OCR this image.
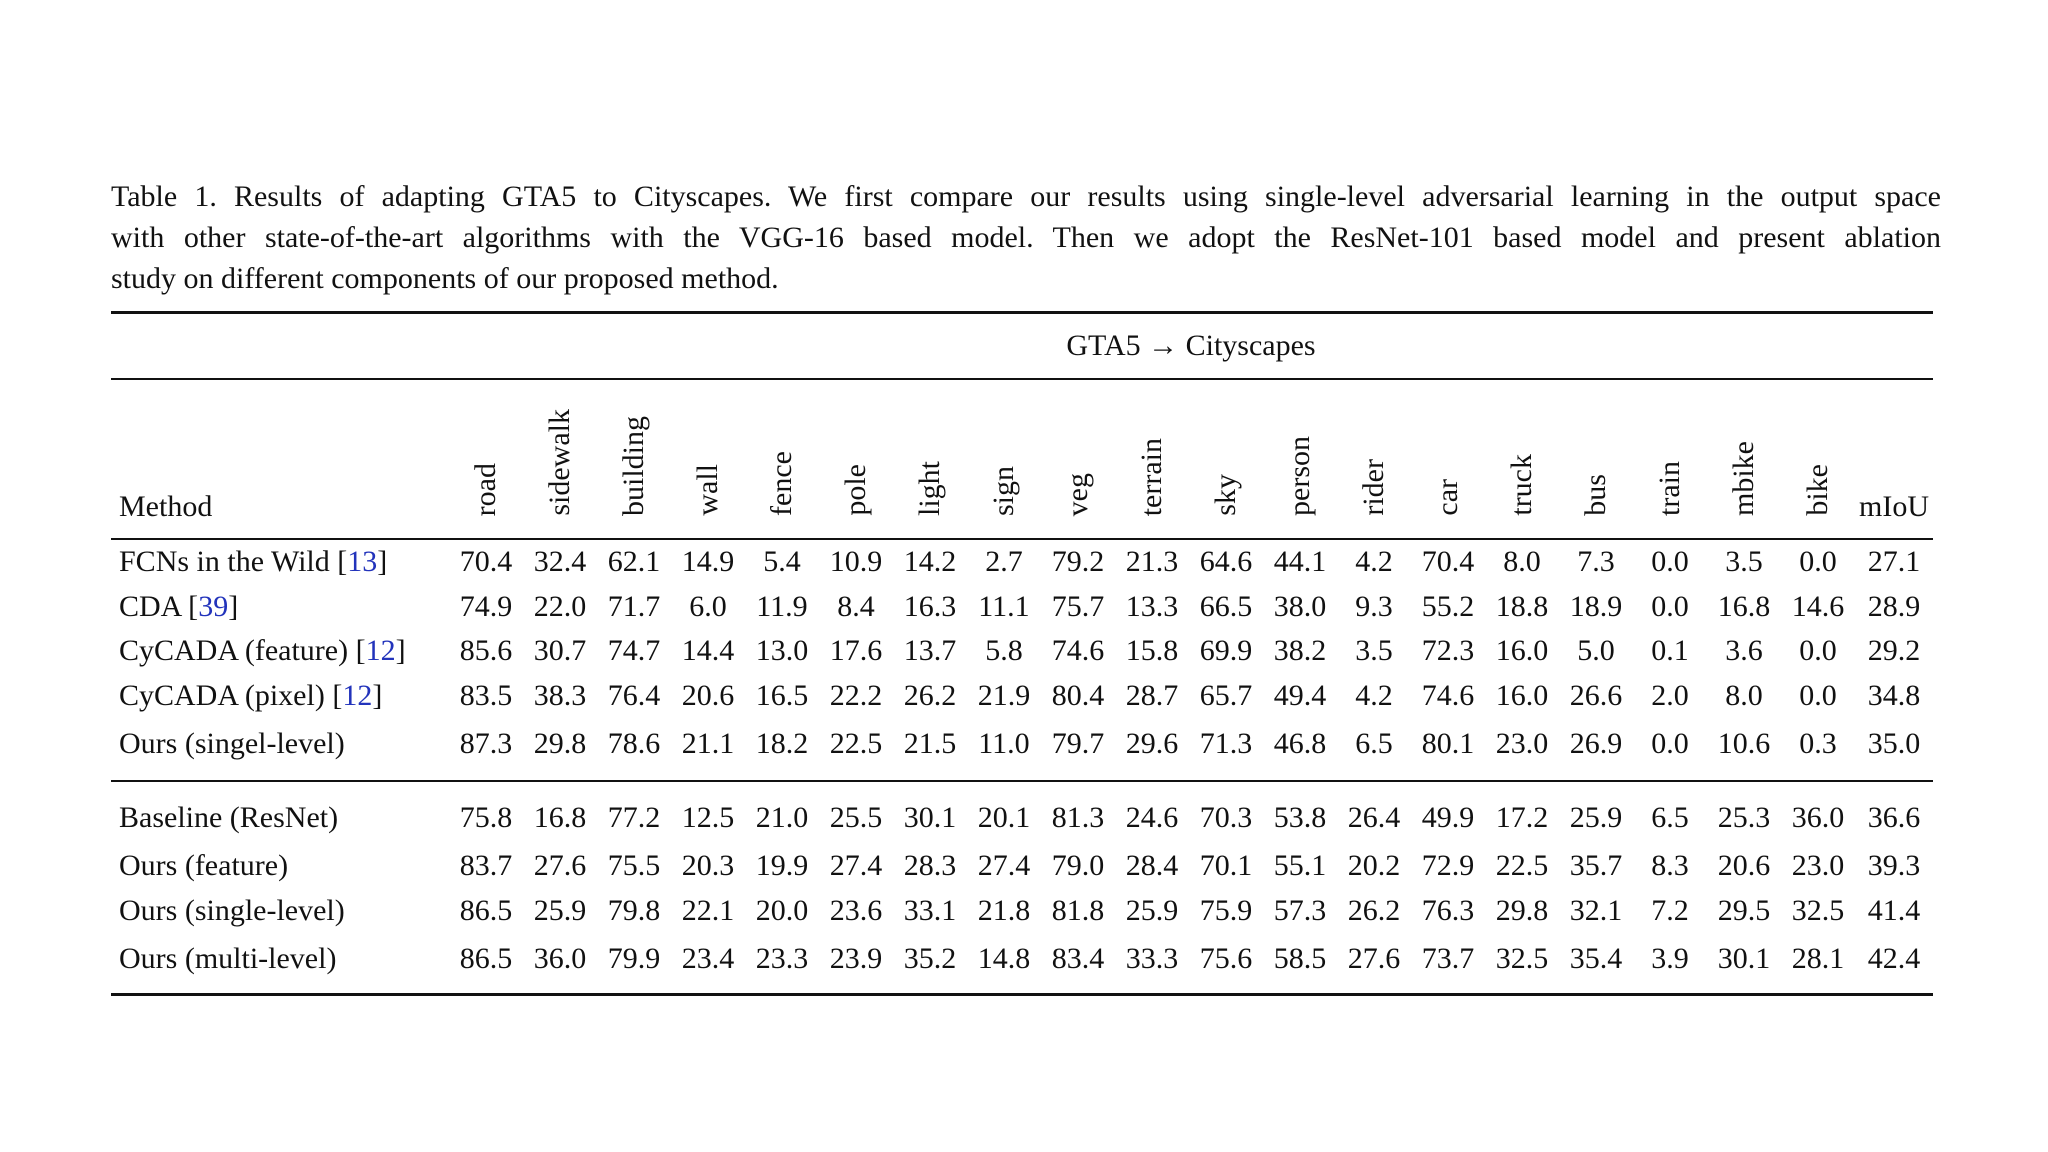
Table 1. Results of adapting GTA5 to Cityscapes. We first compare our results using single-level adversarial learning in the output space
with other state-of-the-art algorithms with the VGG-16 based model. Then we adopt the ResNet-101 based model and present ablation
study on different components of our proposed method.
	GTA5 → Cityscapes																			
Method	road	sidewalk	building	wall	fence	pole	light	sign	veg	terrain	sky	person	rider	car	truck	bus	train	mbike	bike	mIoU
FCNs in the Wild [13]	70.4	32.4	62.1	14.9	5.4	10.9	14.2	2.7	79.2	21.3	64.6	44.1	4.2	70.4	8.0	7.3	0.0	3.5	0.0	27.1
CDA [39]	74.9	22.0	71.7	6.0	11.9	8.4	16.3	11.1	75.7	13.3	66.5	38.0	9.3	55.2	18.8	18.9	0.0	16.8	14.6	28.9
CyCADA (feature) [12]	85.6	30.7	74.7	14.4	13.0	17.6	13.7	5.8	74.6	15.8	69.9	38.2	3.5	72.3	16.0	5.0	0.1	3.6	0.0	29.2
CyCADA (pixel) [12]	83.5	38.3	76.4	20.6	16.5	22.2	26.2	21.9	80.4	28.7	65.7	49.4	4.2	74.6	16.0	26.6	2.0	8.0	0.0	34.8
Ours (singel-level)	87.3	29.8	78.6	21.1	18.2	22.5	21.5	11.0	79.7	29.6	71.3	46.8	6.5	80.1	23.0	26.9	0.0	10.6	0.3	35.0
Baseline (ResNet)	75.8	16.8	77.2	12.5	21.0	25.5	30.1	20.1	81.3	24.6	70.3	53.8	26.4	49.9	17.2	25.9	6.5	25.3	36.0	36.6
Ours (feature)	83.7	27.6	75.5	20.3	19.9	27.4	28.3	27.4	79.0	28.4	70.1	55.1	20.2	72.9	22.5	35.7	8.3	20.6	23.0	39.3
Ours (single-level)	86.5	25.9	79.8	22.1	20.0	23.6	33.1	21.8	81.8	25.9	75.9	57.3	26.2	76.3	29.8	32.1	7.2	29.5	32.5	41.4
Ours (multi-level)	86.5	36.0	79.9	23.4	23.3	23.9	35.2	14.8	83.4	33.3	75.6	58.5	27.6	73.7	32.5	35.4	3.9	30.1	28.1	42.4
